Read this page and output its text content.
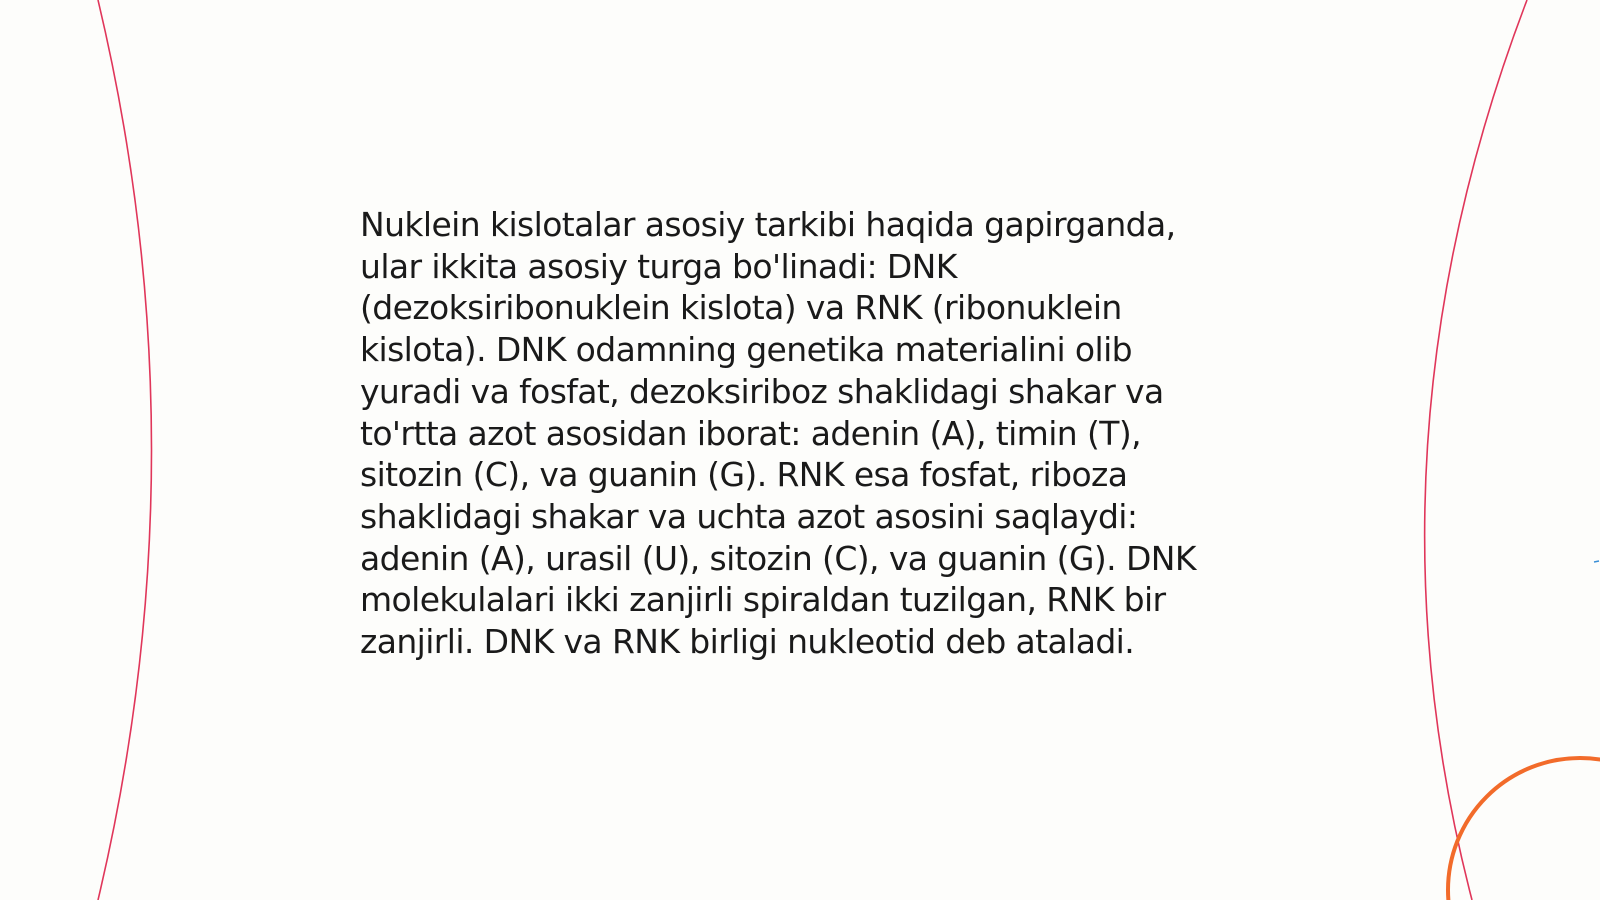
Nuklein kislotalar asosiy tarkibi haqida gapirganda,
ular ikkita asosiy turga bo'linadi: DNK
(dezoksiribonuklein kislota) va RNK (ribonuklein
kislota). DNK odamning genetika materialini olib
yuradi va fosfat, dezoksiriboz shaklidagi shakar va
to'rtta azot asosidan iborat: adenin (A), timin (T),
sitozin (C), va guanin (G). RNK esa fosfat, riboza
shaklidagi shakar va uchta azot asosini saqlaydi:
adenin (A), urasil (U), sitozin (C), va guanin (G). DNK
molekulalari ikki zanjirli spiraldan tuzilgan, RNK bir
zanjirli. DNK va RNK birligi nukleotid deb ataladi.
